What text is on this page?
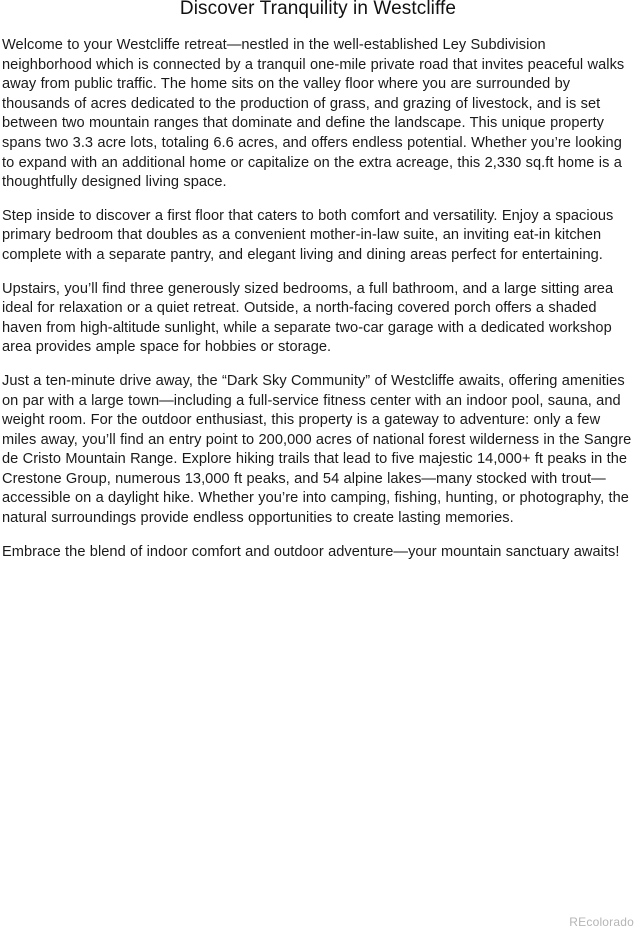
Discover Tranquility in Westcliffe

Welcome to your Westcliffe retreat—nestled in the well-established Ley Subdivision neighborhood which is connected by a tranquil one-mile private road that invites peaceful walks away from public traffic. The home sits on the valley floor where you are surrounded by thousands of acres dedicated to the production of grass, and grazing of livestock, and is set between two mountain ranges that dominate and define the landscape. This unique property spans two 3.3 acre lots, totaling 6.6 acres, and offers endless potential. Whether you’re looking to expand with an additional home or capitalize on the extra acreage, this 2,330 sq.ft home is a thoughtfully designed living space.

Step inside to discover a first floor that caters to both comfort and versatility. Enjoy a spacious primary bedroom that doubles as a convenient mother-in-law suite, an inviting eat-in kitchen complete with a separate pantry, and elegant living and dining areas perfect for entertaining.

Upstairs, you’ll find three generously sized bedrooms, a full bathroom, and a large sitting area ideal for relaxation or a quiet retreat. Outside, a north-facing covered porch offers a shaded haven from high-altitude sunlight, while a separate two-car garage with a dedicated workshop area provides ample space for hobbies or storage.

Just a ten-minute drive away, the “Dark Sky Community” of Westcliffe awaits, offering amenities on par with a large town—including a full-service fitness center with an indoor pool, sauna, and weight room. For the outdoor enthusiast, this property is a gateway to adventure: only a few miles away, you’ll find an entry point to 200,000 acres of national forest wilderness in the Sangre de Cristo Mountain Range. Explore hiking trails that lead to five majestic 14,000+ ft peaks in the Crestone Group, numerous 13,000 ft peaks, and 54 alpine lakes—many stocked with trout—accessible on a daylight hike. Whether you’re into camping, fishing, hunting, or photography, the natural surroundings provide endless opportunities to create lasting memories.

Embrace the blend of indoor comfort and outdoor adventure—your mountain sanctuary awaits!

REcolorado
